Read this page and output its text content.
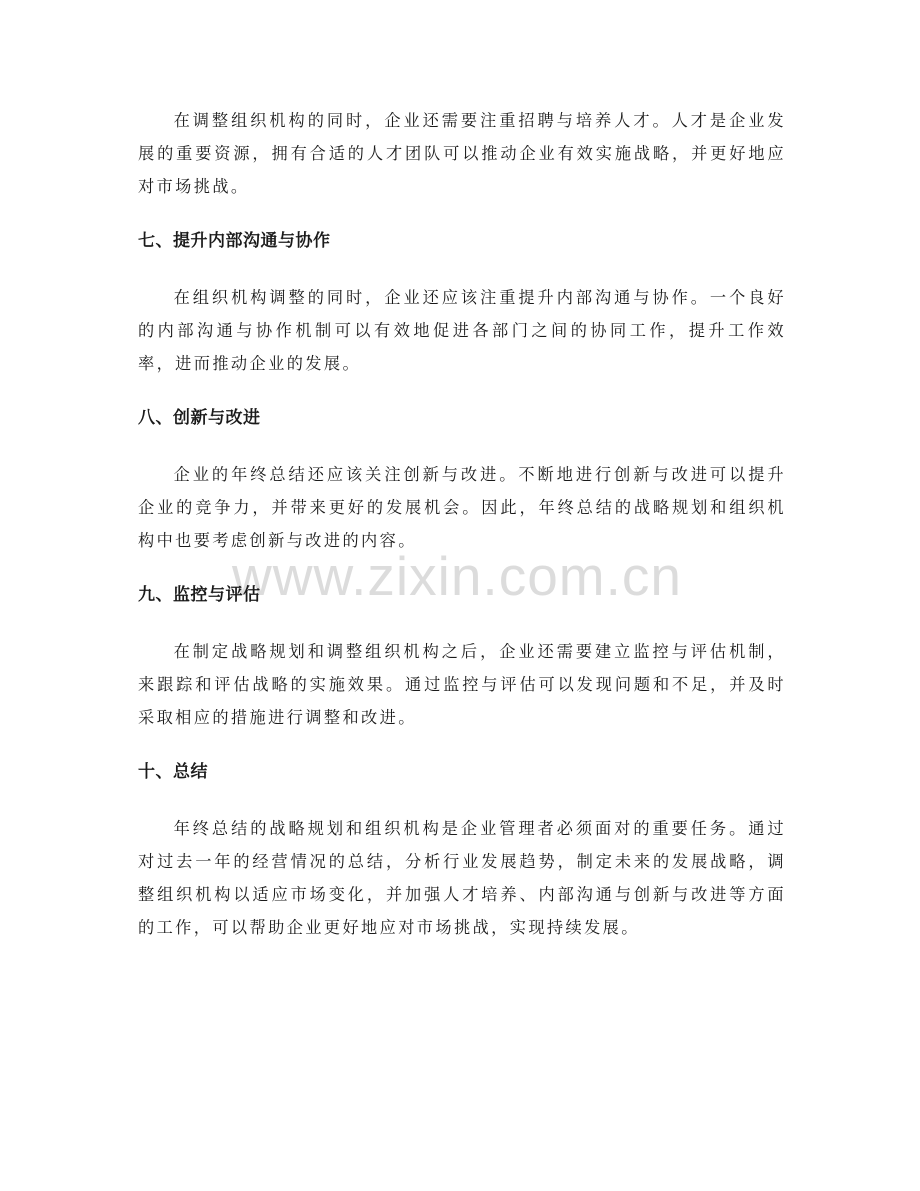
www.zixin.com.cn

在调整组织机构的同时，企业还需要注重招聘与培养人才。人才是企业发展的重要资源，拥有合适的人才团队可以推动企业有效实施战略，并更好地应对市场挑战。

七、提升内部沟通与协作

在组织机构调整的同时，企业还应该注重提升内部沟通与协作。一个良好的内部沟通与协作机制可以有效地促进各部门之间的协同工作，提升工作效率，进而推动企业的发展。

八、创新与改进

企业的年终总结还应该关注创新与改进。不断地进行创新与改进可以提升企业的竞争力，并带来更好的发展机会。因此，年终总结的战略规划和组织机构中也要考虑创新与改进的内容。

九、监控与评估

在制定战略规划和调整组织机构之后，企业还需要建立监控与评估机制，来跟踪和评估战略的实施效果。通过监控与评估可以发现问题和不足，并及时采取相应的措施进行调整和改进。

十、总结

年终总结的战略规划和组织机构是企业管理者必须面对的重要任务。通过对过去一年的经营情况的总结，分析行业发展趋势，制定未来的发展战略，调整组织机构以适应市场变化，并加强人才培养、内部沟通与创新与改进等方面的工作，可以帮助企业更好地应对市场挑战，实现持续发展。
